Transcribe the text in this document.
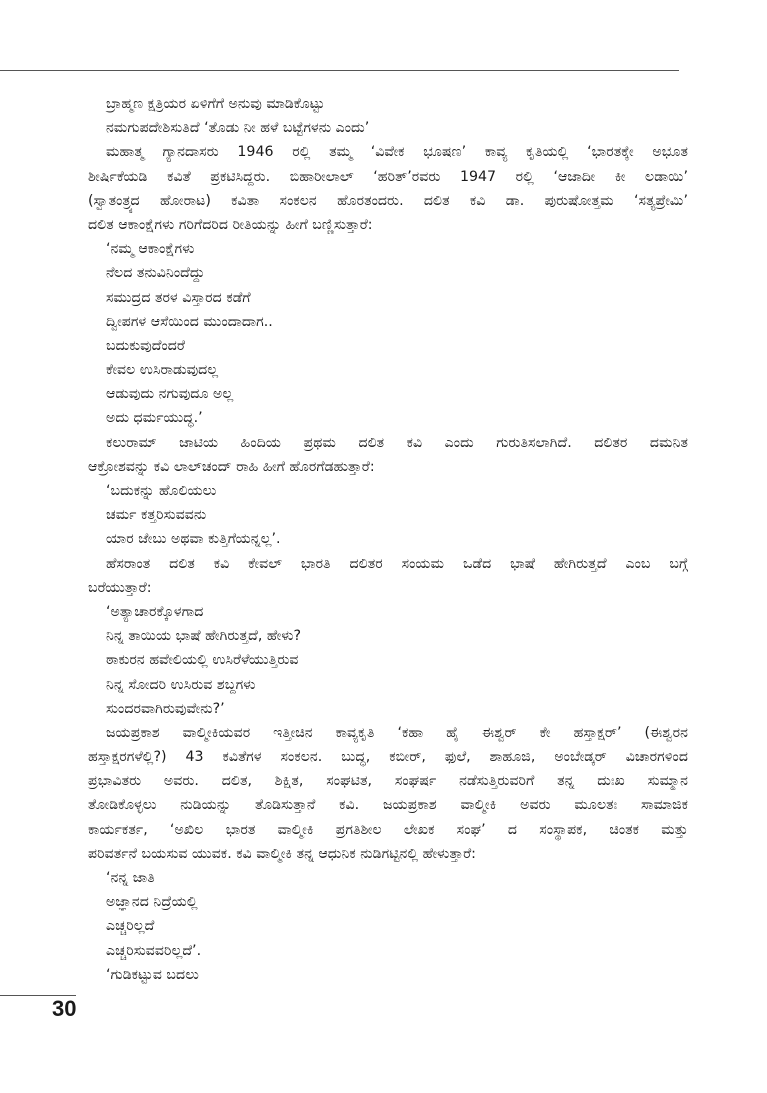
ಬ್ರಾಹ್ಮಣ ಕ್ಷತ್ರಿಯರ ಏಳಿಗೆಗೆ ಅನುವು ಮಾಡಿಕೊಟ್ಟು
ನಮಗುಪದೇಶಿಸುತಿದೆ ‘ತೊಡು ನೀ ಹಳೆ ಬಟ್ಟೆಗಳನು ಎಂದು’
ಮಹಾತ್ಮ ಗ್ಯಾನದಾಸರು 1946 ರಲ್ಲಿ ತಮ್ಮ ‘ವಿವೇಕ ಭೂಷಣ’ ಕಾವ್ಯ ಕೃತಿಯಲ್ಲಿ ‘ಭಾರತಕ್ಕೇ ಅಭೂತ
ಶೀರ್ಷಿಕೆಯಡಿ ಕವಿತೆ ಪ್ರಕಟಿಸಿದ್ದರು. ಬಿಹಾರೀಲಾಲ್ ‘ಹರಿತ್’ರವರು 1947 ರಲ್ಲಿ ‘ಆಜಾದೀ ಕೀ ಲಡಾಯಿ’
(ಸ್ವಾತಂತ್ರ್ಯದ ಹೋರಾಟ) ಕವಿತಾ ಸಂಕಲನ ಹೊರತಂದರು. ದಲಿತ ಕವಿ ಡಾ. ಪುರುಷೋತ್ತಮ ‘ಸತ್ಯಪ್ರೇಮಿ’
ದಲಿತ ಆಕಾಂಕ್ಷೆಗಳು ಗರಿಗೆದರಿದ ರೀತಿಯನ್ನು ಹೀಗೆ ಬಣ್ಣಿಸುತ್ತಾರೆ:
‘ನಮ್ಮ ಆಕಾಂಕ್ಷೆಗಳು
ನೆಲದ ತನುವಿನಿಂದೆದ್ದು
ಸಮುದ್ರದ ತರಳ ವಿಸ್ತಾರದ ಕಡೆಗೆ
ದ್ವೀಪಗಳ ಆಸೆಯಿಂದ ಮುಂದಾದಾಗ..
ಬದುಕುವುದೆಂದರೆ
ಕೇವಲ ಉಸಿರಾಡುವುದಲ್ಲ
ಆಡುವುದು ನಗುವುದೂ ಅಲ್ಲ
ಅದು ಧರ್ಮಯುದ್ಧ.’
ಕಲುರಾಮ್ ಜಾಟಿಯ ಹಿಂದಿಯ ಪ್ರಥಮ ದಲಿತ ಕವಿ ಎಂದು ಗುರುತಿಸಲಾಗಿದೆ. ದಲಿತರ ದಮನಿತ
ಆಕ್ರೋಶವನ್ನು ಕವಿ ಲಾಲ್‌ಚಂದ್ ರಾಹಿ ಹೀಗೆ ಹೊರಗೆಡಹುತ್ತಾರೆ:
‘ಬದುಕನ್ನು ಹೊಲಿಯಲು
ಚರ್ಮ ಕತ್ತರಿಸುವವನು
ಯಾರ ಜೇಬು ಅಥವಾ ಕುತ್ತಿಗೆಯನ್ನಲ್ಲ’.
ಹೆಸರಾಂತ ದಲಿತ ಕವಿ ಕೇವಲ್ ಭಾರತಿ ದಲಿತರ ಸಂಯಮ ಒಡೆದ ಭಾಷೆ ಹೇಗಿರುತ್ತದೆ ಎಂಬ ಬಗ್ಗೆ
ಬರೆಯುತ್ತಾರೆ:
‘ಅತ್ಯಾಚಾರಕ್ಕೊಳಗಾದ
ನಿನ್ನ ತಾಯಿಯ ಭಾಷೆ ಹೇಗಿರುತ್ತದೆ, ಹೇಳು?
ಠಾಕುರನ ಹವೇಲಿಯಲ್ಲಿ ಉಸಿರೆಳೆಯುತ್ತಿರುವ
ನಿನ್ನ ಸೋದರಿ ಉಸಿರುವ ಶಬ್ದಗಳು
ಸುಂದರವಾಗಿರುವುವೇನು?’
ಜಯಪ್ರಕಾಶ ವಾಲ್ಮೀಕಿಯವರ ಇತ್ತೀಚಿನ ಕಾವ್ಯಕೃತಿ ‘ಕಹಾ ಹೈ ಈಶ್ವರ್ ಕೇ ಹಸ್ತಾಕ್ಷರ್’ (ಈಶ್ವರನ
ಹಸ್ತಾಕ್ಷರಗಳೆಲ್ಲಿ?) 43 ಕವಿತೆಗಳ ಸಂಕಲನ. ಬುದ್ಧ, ಕಬೀರ್, ಫುಲೆ, ಶಾಹೂಜಿ, ಅಂಬೇಡ್ಕರ್ ವಿಚಾರಗಳಿಂದ
ಪ್ರಭಾವಿತರು ಅವರು. ದಲಿತ, ಶಿಕ್ಷಿತ, ಸಂಘಟಿತ, ಸಂಘರ್ಷ ನಡೆಸುತ್ತಿರುವರಿಗೆ ತನ್ನ ದುಃಖ ಸುಮ್ಮಾನ
ತೋಡಿಕೊಳ್ಳಲು ನುಡಿಯನ್ನು ತೊಡಿಸುತ್ತಾನೆ ಕವಿ. ಜಯಪ್ರಕಾಶ ವಾಲ್ಮೀಕಿ ಅವರು ಮೂಲತಃ ಸಾಮಾಜಿಕ
ಕಾರ್ಯಕರ್ತ, ‘ಅಖಿಲ ಭಾರತ ವಾಲ್ಮೀಕಿ ಪ್ರಗತಿಶೀಲ ಲೇಖಕ ಸಂಘ’ ದ ಸಂಸ್ಥಾಪಕ, ಚಿಂತಕ ಮತ್ತು
ಪರಿವರ್ತನೆ ಬಯಸುವ ಯುವಕ. ಕವಿ ವಾಲ್ಮೀಕಿ ತನ್ನ ಆಧುನಿಕ ನುಡಿಗಟ್ಟಿನಲ್ಲಿ ಹೇಳುತ್ತಾರೆ:
‘ನನ್ನ ಜಾತಿ
ಅಜ್ಞಾನದ ನಿದ್ರೆಯಲ್ಲಿ
ಎಚ್ಚರಿಲ್ಲದೆ
ಎಚ್ಚರಿಸುವವರಿಲ್ಲದೆ’.
‘ಗುಡಿಕಟ್ಟುವ ಬದಲು
30
